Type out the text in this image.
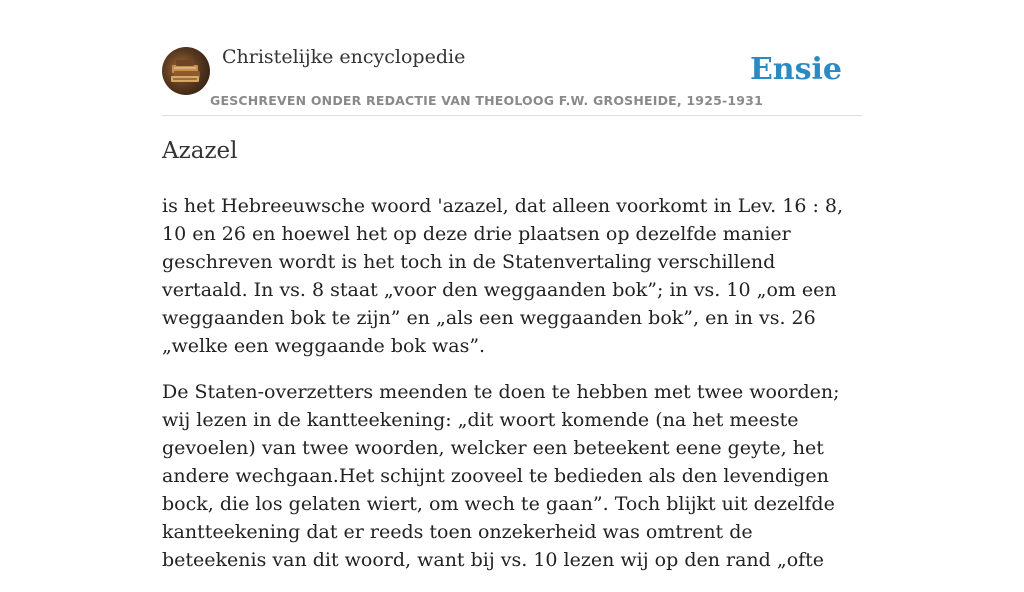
Christelijke encyclopedie
GESCHREVEN ONDER REDACTIE VAN THEOLOOG F.W. GROSHEIDE, 1925-1931
Ensie
Azazel

is het Hebreeuwsche woord 'azazel, dat alleen voorkomt in Lev. 16 : 8, 10 en 26 en hoewel het op deze drie plaatsen op dezelfde manier geschreven wordt is het toch in de Statenvertaling verschillend vertaald. In vs. 8 staat „voor den weggaanden bok”; in vs. 10 „om een weggaanden bok te zijn” en „als een weggaanden bok”, en in vs. 26 „welke een weggaande bok was”.

De Staten-overzetters meenden te doen te hebben met twee woorden; wij lezen in de kantteekening: „dit woort komende (na het meeste gevoelen) van twee woorden, welcker een beteekent eene geyte, het andere wechgaan.Het schijnt zooveel te bedieden als den levendigen bock, die los gelaten wiert, om wech te gaan”. Toch blijkt uit dezelfde kantteekening dat er reeds toen onzekerheid was omtrent de beteekenis van dit woord, want bij vs. 10 lezen wij op den rand „ofte
